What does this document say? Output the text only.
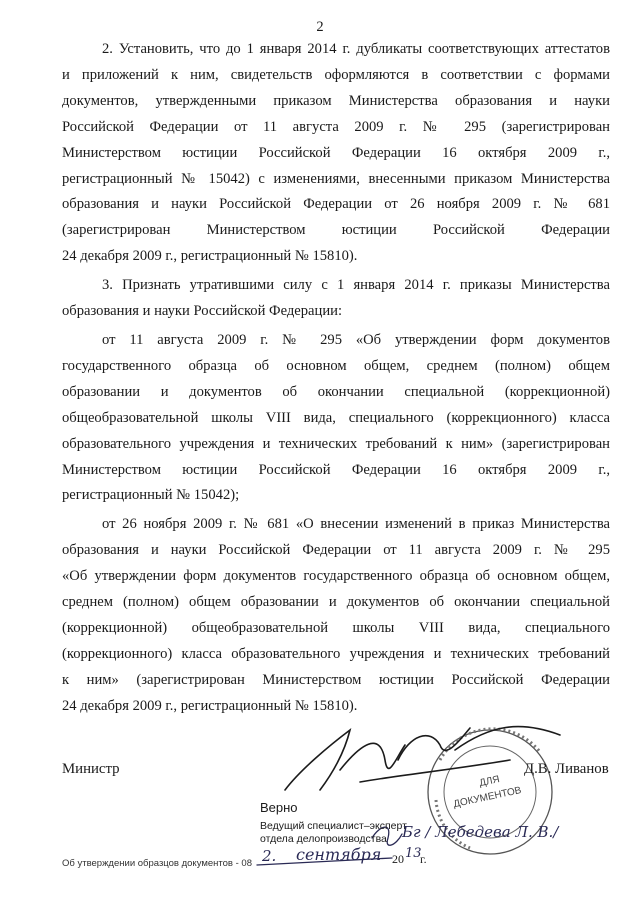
2

2. Установить, что до 1 января 2014 г. дубликаты соответствующих аттестатов
и приложений к ним, свидетельств оформляются в соответствии с формами
документов, утвержденными приказом Министерства образования и науки
Российской Федерации от 11 августа 2009 г. № 295 (зарегистрирован
Министерством юстиции Российской Федерации 16 октября 2009 г.,
регистрационный № 15042) с изменениями, внесенными приказом Министерства
образования и науки Российской Федерации от 26 ноября 2009 г. № 681
(зарегистрирован Министерством юстиции Российской Федерации
24 декабря 2009 г., регистрационный № 15810).

3. Признать утратившими силу с 1 января 2014 г. приказы Министерства
образования и науки Российской Федерации:

от 11 августа 2009 г. № 295 «Об утверждении форм документов
государственного образца об основном общем, среднем (полном) общем
образовании и документов об окончании специальной (коррекционной)
общеобразовательной школы VIII вида, специального (коррекционного) класса
образовательного учреждения и технических требований к ним» (зарегистрирован
Министерством юстиции Российской Федерации 16 октября 2009 г.,
регистрационный № 15042);

от 26 ноября 2009 г. № 681 «О внесении изменений в приказ Министерства
образования и науки Российской Федерации от 11 августа 2009 г. № 295
«Об утверждении форм документов государственного образца об основном общем,
среднем (полном) общем образовании и документов об окончании специальной
(коррекционной) общеобразовательной школы VIII вида, специального
(коррекционного) класса образовательного учреждения и технических требований
к ним» (зарегистрирован Министерством юстиции Российской Федерации
24 декабря 2009 г., регистрационный № 15810).

ДЛЯ
ДОКУМЕНТОВ
Министр	Д.В. Ливанов
Верно
Ведущий специалист–эксперт
отдела делопроизводства Бг / Лебедева Л. В./
2. сентября 20 13
г.
Об утверждении образцов документов - 08
